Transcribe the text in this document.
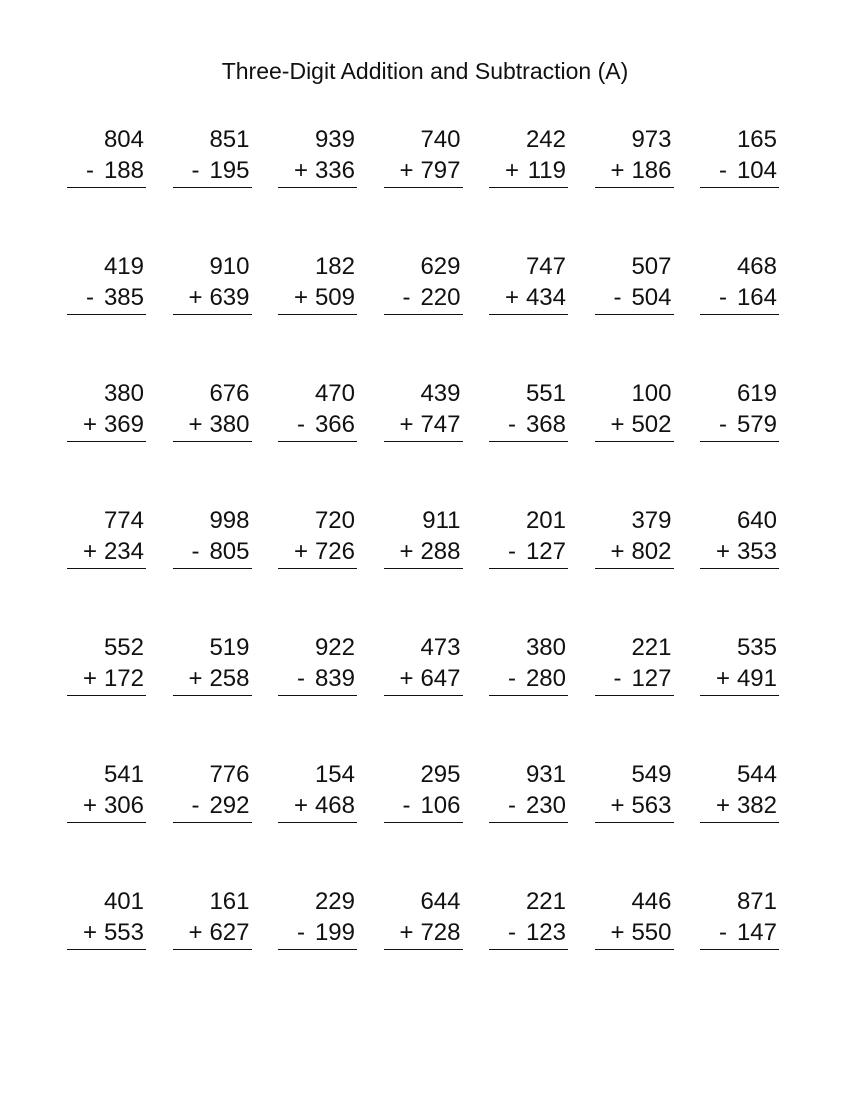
Three-Digit Addition and Subtraction (A)
804
- 188
851
- 195
939
+ 336
740
+ 797
242
+ 119
973
+ 186
165
- 104
419
- 385
910
+ 639
182
+ 509
629
- 220
747
+ 434
507
- 504
468
- 164
380
+ 369
676
+ 380
470
- 366
439
+ 747
551
- 368
100
+ 502
619
- 579
774
+ 234
998
- 805
720
+ 726
911
+ 288
201
- 127
379
+ 802
640
+ 353
552
+ 172
519
+ 258
922
- 839
473
+ 647
380
- 280
221
- 127
535
+ 491
541
+ 306
776
- 292
154
+ 468
295
- 106
931
- 230
549
+ 563
544
+ 382
401
+ 553
161
+ 627
229
- 199
644
+ 728
221
- 123
446
+ 550
871
- 147
